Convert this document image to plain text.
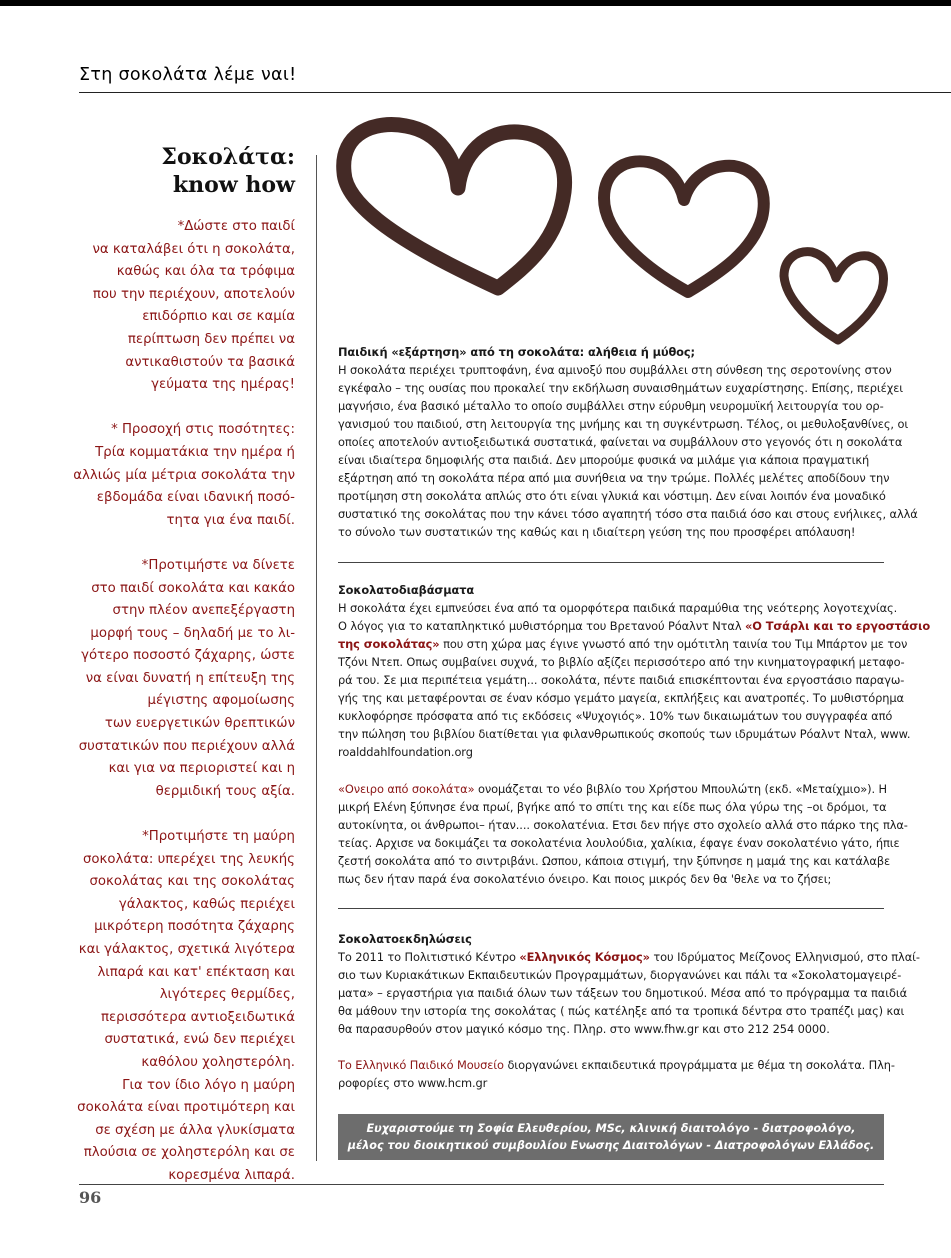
Στη σοκολάτα λέμε ναι!
Σοκολάτα:
know how
*Δώστε στο παιδί
να καταλάβει ότι η σοκολάτα,
καθώς και όλα τα τρόφιμα
που την περιέχουν, αποτελούν
επιδόρπιο και σε καμία
περίπτωση δεν πρέπει να
αντικαθιστούν τα βασικά
γεύματα της ημέρας!
* Προσοχή στις ποσότητες:
Τρία κομματάκια την ημέρα ή
αλλιώς μία μέτρια σοκολάτα την
εβδομάδα είναι ιδανική ποσό-
τητα για ένα παιδί.
*Προτιμήστε να δίνετε
στο παιδί σοκολάτα και κακάο
στην πλέον ανεπεξέργαστη
μορφή τους – δηλαδή με το λι-
γότερο ποσοστό ζάχαρης, ώστε
να είναι δυνατή η επίτευξη της
μέγιστης αφομοίωσης
των ευεργετικών θρεπτικών
συστατικών που περιέχουν αλλά
και για να περιοριστεί και η
θερμιδική τους αξία.
*Προτιμήστε τη μαύρη
σοκολάτα: υπερέχει της λευκής
σοκολάτας και της σοκολάτας
γάλακτος, καθώς περιέχει
μικρότερη ποσότητα ζάχαρης
και γάλακτος, σχετικά λιγότερα
λιπαρά και κατ' επέκταση και
λιγότερες θερμίδες,
περισσότερα αντιοξειδωτικά
συστατικά, ενώ δεν περιέχει
καθόλου χοληστερόλη.
Για τον ίδιο λόγο η μαύρη
σοκολάτα είναι προτιμότερη και
σε σχέση με άλλα γλυκίσματα
πλούσια σε χοληστερόλη και σε
κορεσμένα λιπαρά.
Παιδική «εξάρτηση» από τη σοκολάτα: αλήθεια ή μύθος;
Η σοκολάτα περιέχει τρυπτοφάνη, ένα αμινοξύ που συμβάλλει στη σύνθεση της σεροτονίνης στον
εγκέφαλο – της ουσίας που προκαλεί την εκδήλωση συναισθημάτων ευχαρίστησης. Επίσης, περιέχει
μαγνήσιο, ένα βασικό μέταλλο το οποίο συμβάλλει στην εύρυθμη νευρομυϊκή λειτουργία του ορ-
γανισμού του παιδιού, στη λειτουργία της μνήμης και τη συγκέντρωση. Τέλος, οι μεθυλοξανθίνες, οι
οποίες αποτελούν αντιοξειδωτικά συστατικά, φαίνεται να συμβάλλουν στο γεγονός ότι η σοκολάτα
είναι ιδιαίτερα δημοφιλής στα παιδιά. Δεν μπορούμε φυσικά να μιλάμε για κάποια πραγματική
εξάρτηση από τη σοκολάτα πέρα από μια συνήθεια να την τρώμε. Πολλές μελέτες αποδίδουν την
προτίμηση στη σοκολάτα απλώς στο ότι είναι γλυκιά και νόστιμη. Δεν είναι λοιπόν ένα μοναδικό
συστατικό της σοκολάτας που την κάνει τόσο αγαπητή τόσο στα παιδιά όσο και στους ενήλικες, αλλά
το σύνολο των συστατικών της καθώς και η ιδιαίτερη γεύση της που προσφέρει απόλαυση!
Σοκολατοδιαβάσματα
Η σοκολάτα έχει εμπνεύσει ένα από τα ομορφότερα παιδικά παραμύθια της νεότερης λογοτεχνίας.
Ο λόγος για το καταπληκτικό μυθιστόρημα του Βρετανού Ρόαλντ Νταλ «Ο Τσάρλι και το εργοστάσιο
της σοκολάτας» που στη χώρα μας έγινε γνωστό από την ομότιτλη ταινία του Τιμ Μπάρτον με τον
Τζόνι Ντεπ. Οπως συμβαίνει συχνά, το βιβλίο αξίζει περισσότερο από την κινηματογραφική μεταφο-
ρά του. Σε μια περιπέτεια γεμάτη... σοκολάτα, πέντε παιδιά επισκέπτονται ένα εργοστάσιο παραγω-
γής της και μεταφέρονται σε έναν κόσμο γεμάτο μαγεία, εκπλήξεις και ανατροπές. Το μυθιστόρημα
κυκλοφόρησε πρόσφατα από τις εκδόσεις «Ψυχογιός». 10% των δικαιωμάτων του συγγραφέα από
την πώληση του βιβλίου διατίθεται για φιλανθρωπικούς σκοπούς των ιδρυμάτων Ρόαλντ Νταλ, www.
roalddahlfoundation.org
«Ονειρο από σοκολάτα» ονομάζεται το νέο βιβλίο του Χρήστου Μπουλώτη (εκδ. «Μεταίχμιο»). Η
μικρή Ελένη ξύπνησε ένα πρωί, βγήκε από το σπίτι της και είδε πως όλα γύρω της –οι δρόμοι, τα
αυτοκίνητα, οι άνθρωποι– ήταν.... σοκολατένια. Ετσι δεν πήγε στο σχολείο αλλά στο πάρκο της πλα-
τείας. Αρχισε να δοκιμάζει τα σοκολατένια λουλούδια, χαλίκια, έφαγε έναν σοκολατένιο γάτο, ήπιε
ζεστή σοκολάτα από το σιντριβάνι. Ωσπου, κάποια στιγμή, την ξύπνησε η μαμά της και κατάλαβε
πως δεν ήταν παρά ένα σοκολατένιο όνειρο. Και ποιος μικρός δεν θα 'θελε να το ζήσει;
Σοκολατοεκδηλώσεις
Το 2011 το Πολιτιστικό Κέντρο «Ελληνικός Κόσμος» του Ιδρύματος Μείζονος Ελληνισμού, στο πλαί-
σιο των Κυριακάτικων Εκπαιδευτικών Προγραμμάτων, διοργανώνει και πάλι τα «Σοκολατομαγειρέ-
ματα» – εργαστήρια για παιδιά όλων των τάξεων του δημοτικού. Μέσα από το πρόγραμμα τα παιδιά
θα μάθουν την ιστορία της σοκολάτας ( πώς κατέληξε από τα τροπικά δέντρα στο τραπέζι μας) και
θα παρασυρθούν στον μαγικό κόσμο της. Πληρ. στο www.fhw.gr και στο 212 254 0000.
Το Ελληνικό Παιδικό Μουσείο διοργανώνει εκπαιδευτικά προγράμματα με θέμα τη σοκολάτα. Πλη-
ροφορίες στο www.hcm.gr
Ευχαριστούμε τη Σοφία Ελευθερίου, MSc, κλινική διαιτολόγο - διατροφολόγο,
μέλος του διοικητικού συμβουλίου Ενωσης Διαιτολόγων - Διατροφολόγων Ελλάδος.
96
